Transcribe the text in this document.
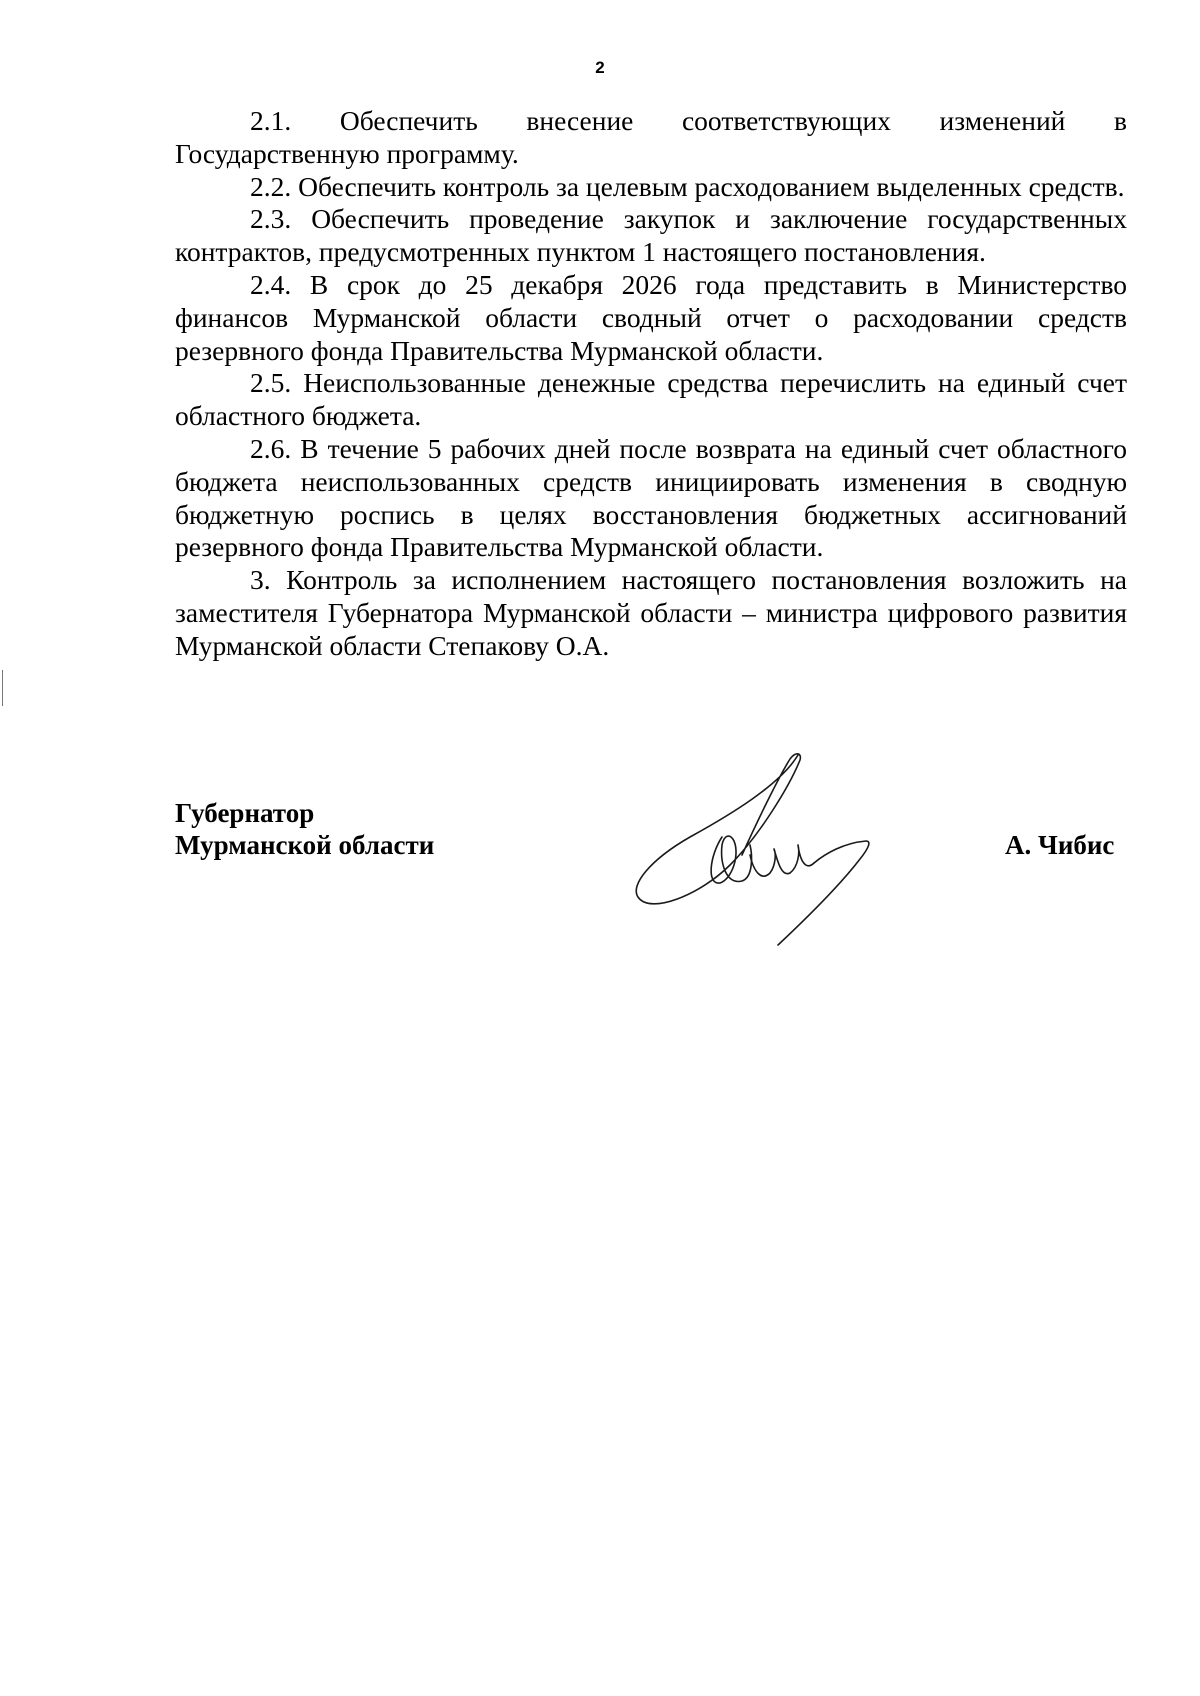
2

2.1. Обеспечить внесение соответствующих изменений в Государственную программу.

2.2. Обеспечить контроль за целевым расходованием выделенных средств.

2.3. Обеспечить проведение закупок и заключение государственных контрактов, предусмотренных пунктом 1 настоящего постановления.

2.4. В срок до 25 декабря 2026 года представить в Министерство финансов Мурманской области сводный отчет о расходовании средств резервного фонда Правительства Мурманской области.

2.5. Неиспользованные денежные средства перечислить на единый счет областного бюджета.

2.6. В течение 5 рабочих дней после возврата на единый счет областного бюджета неиспользованных средств инициировать изменения в сводную бюджетную роспись в целях восстановления бюджетных ассигнований резервного фонда Правительства Мурманской области.

3. Контроль за исполнением настоящего постановления возложить на заместителя Губернатора Мурманской области – министра цифрового развития Мурманской области Степакову О.А.

Губернатор
Мурманской области	А. Чибис
